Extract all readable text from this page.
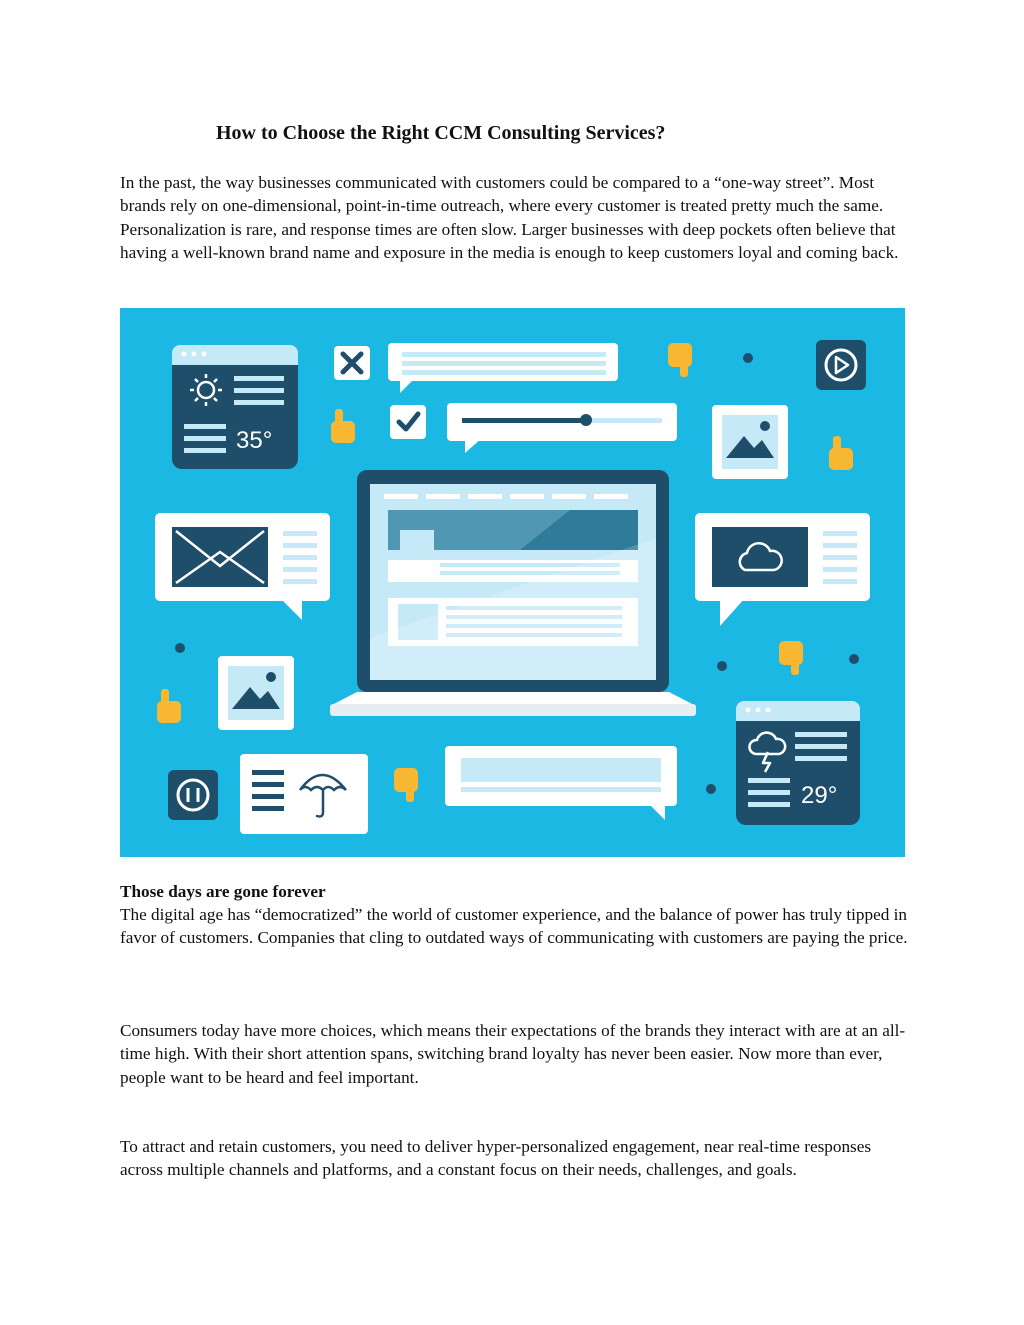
How to Choose the Right CCM Consulting Services?

In the past, the way businesses communicated with customers could be compared to a “one-way street”. Most brands rely on one-dimensional, point-in-time outreach, where every customer is treated pretty much the same. Personalization is rare, and response times are often slow. Larger businesses with deep pockets often believe that having a well-known brand name and exposure in the media is enough to keep customers loyal and coming back.

35°
29°
Those days are gone forever

The digital age has “democratized” the world of customer experience, and the balance of power has truly tipped in favor of customers. Companies that cling to outdated ways of communicating with customers are paying the price.

Consumers today have more choices, which means their expectations of the brands they interact with are at an all-time high. With their short attention spans, switching brand loyalty has never been easier. Now more than ever, people want to be heard and feel important.

To attract and retain customers, you need to deliver hyper-personalized engagement, near real-time responses across multiple channels and platforms, and a constant focus on their needs, challenges, and goals.
